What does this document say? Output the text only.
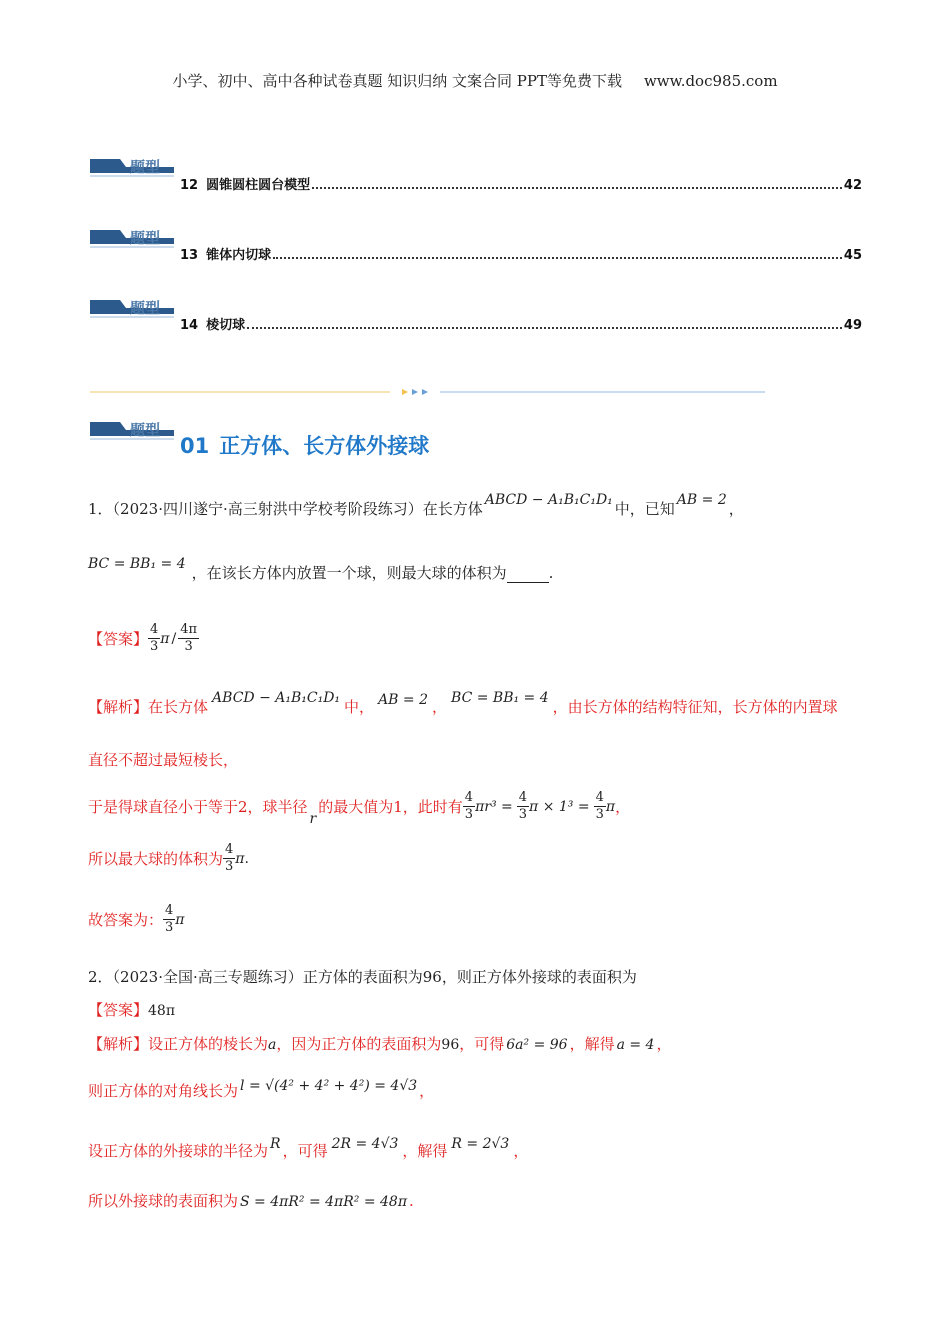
小学、初中、高中各种试卷真题 知识归纳 文案合同 PPT等免费下载 www.doc985.com
题型
12 圆锥圆柱圆台模型	42
题型
13 锥体内切球	45
题型
14 棱切球	49
题型
01 正方体、长方体外接球
1．（2023·四川遂宁·高三射洪中学校考阶段练习）在长方体 ABCD − A₁B₁C₁D₁ 中，已知 AB = 2 ，
BC = BB₁ = 4 ，在该长方体内放置一个球，则最大球的体积为	.
【答案】 $\frac{4}{3}$ π / $\frac{4\pi}{3}$
【解析】在长方体 ABCD − A₁B₁C₁D₁ 中， AB = 2 ， BC = BB₁ = 4 ，由长方体的结构特征知，长方体的内置球
直径不超过最短棱长，
于是得球直径小于等于2，球半径
r
的最大值为1，此时有 $\frac{4}{3} \pi r^3 = \frac{4}{3}$ $\pi \times 1^3 = \frac{4}{3}$ π ，
所以最大球的体积为 $\frac{4}{3}$ π .
故答案为： $\frac{4}{3}$ π
2．（2023·全国·高三专题练习）正方体的表面积为96，则正方体外接球的表面积为
【答案】48π
【解析】设正方体的棱长为a，因为正方体的表面积为96，可得 6a² = 96 ，解得 a = 4 ，
则正方体的对角线长为 l = √(4² + 4² + 4²) = 4√3 ，
设正方体的外接球的半径为 R ，可得 2R = 4√3 ，解得 R = 2√3 ，
所以外接球的表面积为 S = 4πR² = 4πR² = 48π .
